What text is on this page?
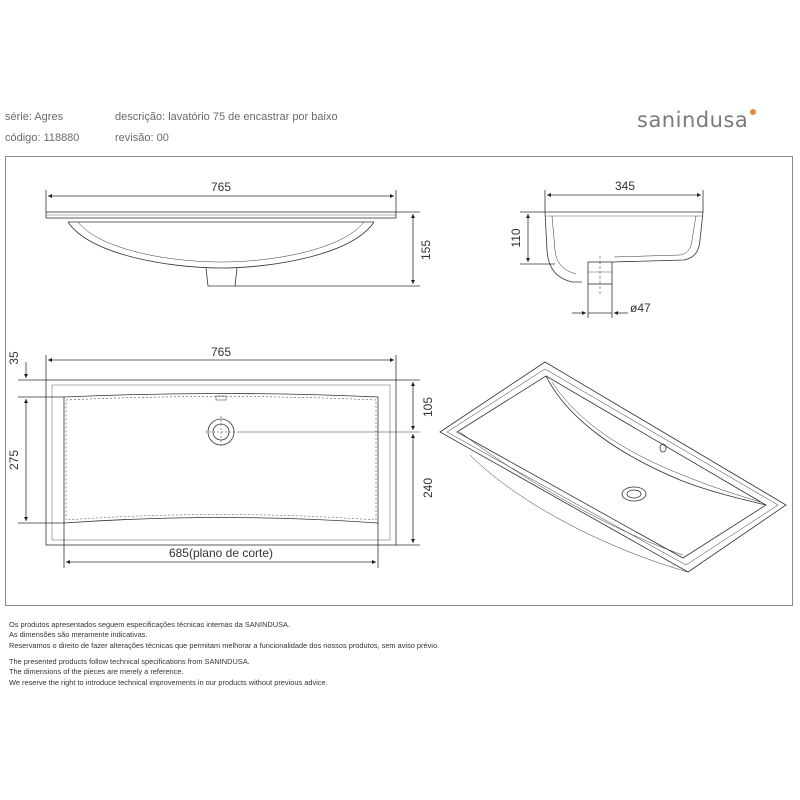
série: Agres
código: 118880
descrição: lavatório 75 de encastrar por baixo
revisão: 00
sanindusa
765
155
345
110
ø47
765
35
275
105
240
685(plano de corte)
Os produtos apresentados seguem especificações técnicas internas da SANINDUSA.
As dimensões são meramente indicativas.
Reservamos o direito de fazer alterações técnicas que permitam melhorar a funcionalidade dos nossos produtos, sem aviso prévio.
The presented products follow technical specifications from SANINDUSA.
The dimensions of the pieces are merely a reference.
We reserve the right to introduce technical improvements in our products without previous advice.
